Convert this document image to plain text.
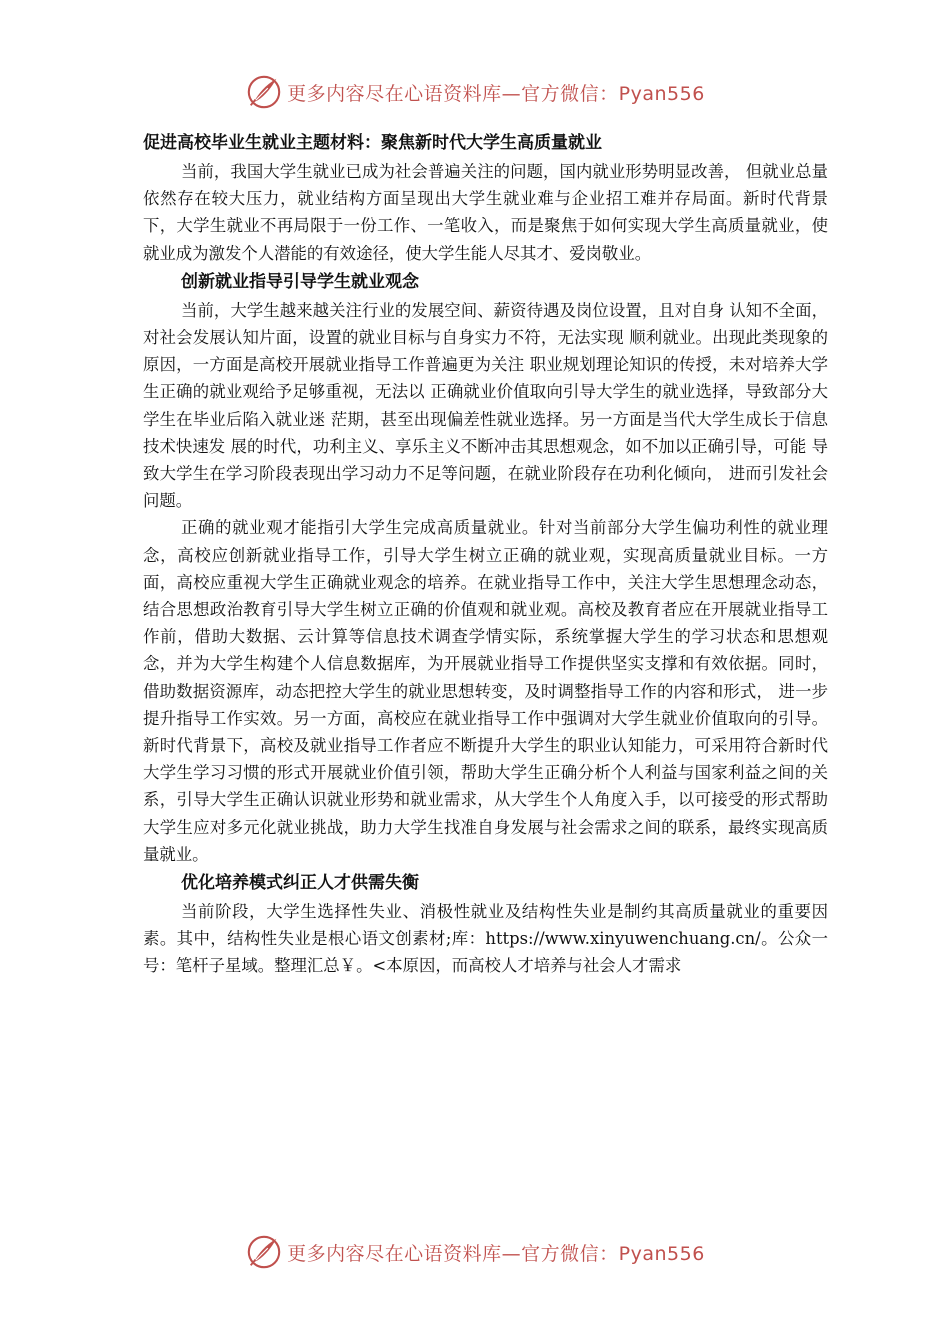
更多内容尽在心语资料库—官方微信：Pyan556
促进高校毕业生就业主题材料：聚焦新时代大学生高质量就业

当前，我国大学生就业已成为社会普遍关注的问题，国内就业形势明显改善， 但就业总量依然存在较大压力，就业结构方面呈现出大学生就业难与企业招工难并存局面。新时代背景下，大学生就业不再局限于一份工作、一笔收入，而是聚焦于如何实现大学生高质量就业，使就业成为激发个人潜能的有效途径，使大学生能人尽其才、爱岗敬业。

创新就业指导引导学生就业观念

当前，大学生越来越关注行业的发展空间、薪资待遇及岗位设置，且对自身 认知不全面，对社会发展认知片面，设置的就业目标与自身实力不符，无法实现 顺利就业。出现此类现象的原因，一方面是高校开展就业指导工作普遍更为关注 职业规划理论知识的传授，未对培养大学生正确的就业观给予足够重视，无法以 正确就业价值取向引导大学生的就业选择，导致部分大学生在毕业后陷入就业迷 茫期，甚至出现偏差性就业选择。另一方面是当代大学生成长于信息技术快速发 展的时代，功利主义、享乐主义不断冲击其思想观念，如不加以正确引导，可能 导致大学生在学习阶段表现出学习动力不足等问题，在就业阶段存在功利化倾向， 进而引发社会问题。

正确的就业观才能指引大学生完成高质量就业。针对当前部分大学生偏功利性的就业理念，高校应创新就业指导工作，引导大学生树立正确的就业观，实现高质量就业目标。一方面，高校应重视大学生正确就业观念的培养。在就业指导工作中，关注大学生思想理念动态，结合思想政治教育引导大学生树立正确的价值观和就业观。高校及教育者应在开展就业指导工作前，借助大数据、云计算等信息技术调查学情实际，系统掌握大学生的学习状态和思想观念，并为大学生构建个人信息数据库，为开展就业指导工作提供坚实支撑和有效依据。同时，借助数据资源库，动态把控大学生的就业思想转变，及时调整指导工作的内容和形式， 进一步提升指导工作实效。另一方面，高校应在就业指导工作中强调对大学生就业价值取向的引导。新时代背景下，高校及就业指导工作者应不断提升大学生的职业认知能力，可采用符合新时代大学生学习习惯的形式开展就业价值引领，帮助大学生正确分析个人利益与国家利益之间的关系，引导大学生正确认识就业形势和就业需求，从大学生个人角度入手，以可接受的形式帮助大学生应对多元化就业挑战，助力大学生找准自身发展与社会需求之间的联系，最终实现高质量就业。

优化培养模式纠正人才供需失衡

当前阶段，大学生选择性失业、消极性就业及结构性失业是制约其高质量就业的重要因素。其中，结构性失业是根心语文创素材;库：https://www.xinyuwenchuang.cn/。公众一号：笔杆子星域。整理汇总￥。<本原因，而高校人才培养与社会人才需求

更多内容尽在心语资料库—官方微信：Pyan556
